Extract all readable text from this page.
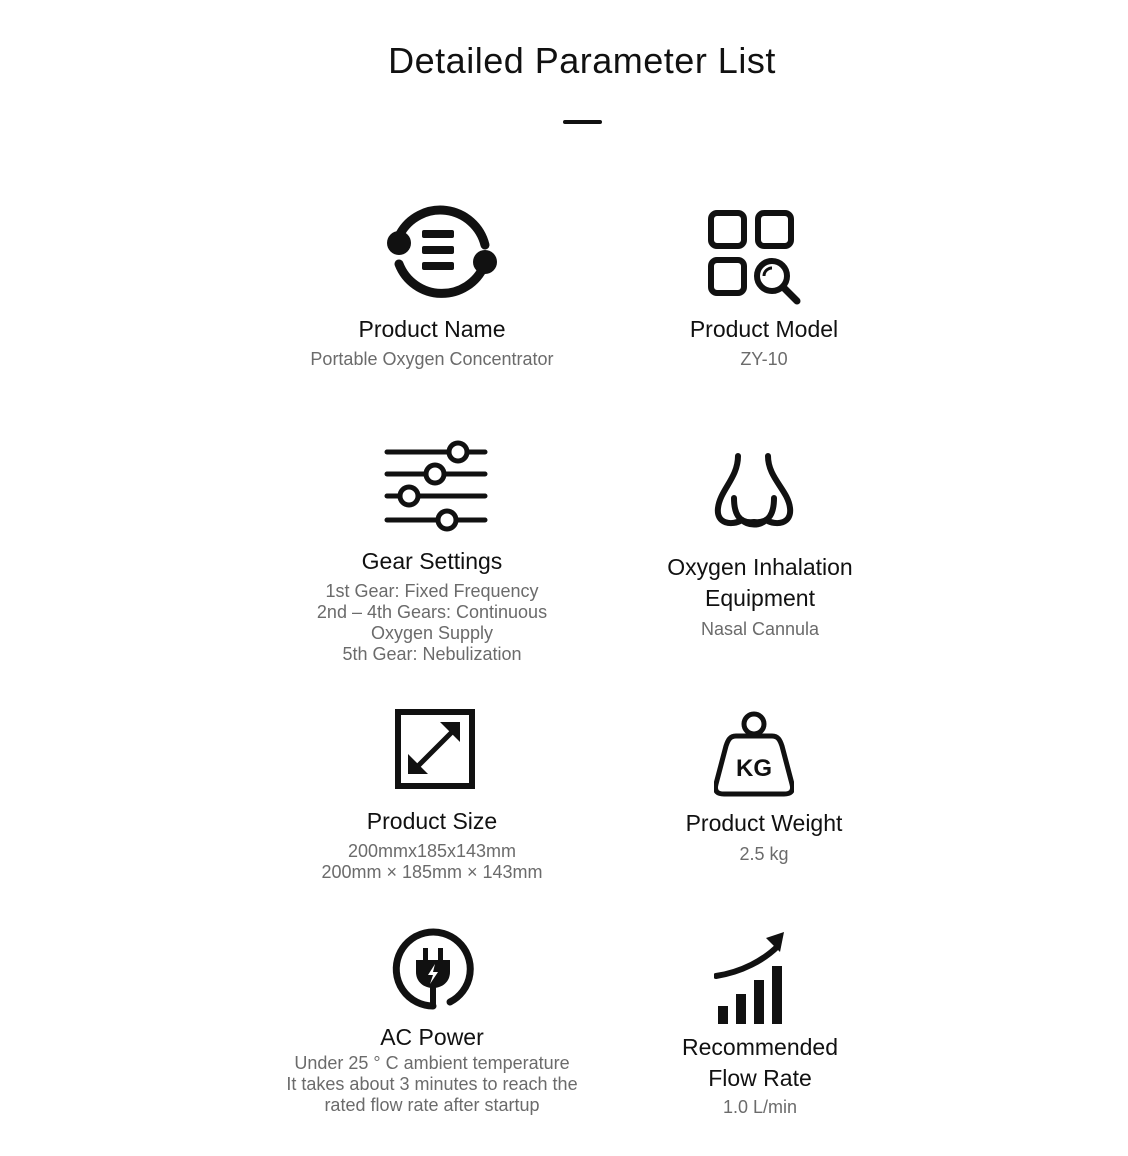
Detailed Parameter List
Product Name
Portable Oxygen Concentrator
Product Model
ZY-10
Gear Settings
1st Gear: Fixed Frequency
2nd – 4th Gears: Continuous
Oxygen Supply
5th Gear: Nebulization
Oxygen Inhalation
Equipment
Nasal Cannula
Product Size
200mmx185x143mm
200mm × 185mm × 143mm
KG
Product Weight
2.5 kg
AC Power
Under 25 ° C ambient temperature
It takes about 3 minutes to reach the
rated flow rate after startup
Recommended
Flow Rate
1.0 L/min
